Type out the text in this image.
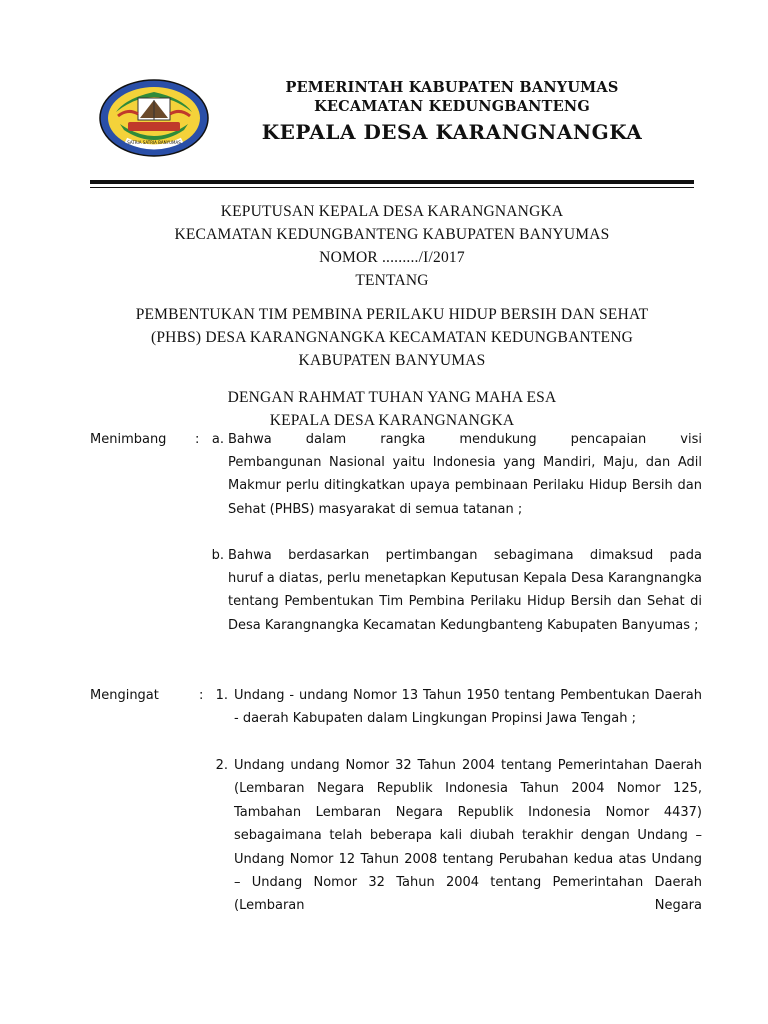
SATRIA SATRIA BANYUMAS
PEMERINTAH KABUPATEN BANYUMAS
KECAMATAN KEDUNGBANTENG
KEPALA DESA KARANGNANGKA
KEPUTUSAN KEPALA DESA KARANGNANGKA
KECAMATAN KEDUNGBANTENG KABUPATEN BANYUMAS
NOMOR ........./I/2017
TENTANG
PEMBENTUKAN TIM PEMBINA PERILAKU HIDUP BERSIH DAN SEHAT
(PHBS) DESA KARANGNANGKA KECAMATAN KEDUNGBANTENG
KABUPATEN BANYUMAS
DENGAN RAHMAT TUHAN YANG MAHA ESA
KEPALA DESA KARANGNANGKA
Menimbang : a. Bahwa dalam rangka mendukung pencapaian visi
Pembangunan Nasional yaitu Indonesia yang Mandiri, Maju, dan Adil Makmur perlu ditingkatkan upaya pembinaan Perilaku Hidup Bersih dan Sehat (PHBS) masyarakat di semua tatanan ;
b. Bahwa berdasarkan pertimbangan sebagimana dimaksud pada
huruf a diatas, perlu menetapkan Keputusan Kepala Desa Karangnangka tentang Pembentukan Tim Pembina Perilaku Hidup Bersih dan Sehat di Desa Karangnangka Kecamatan Kedungbanteng Kabupaten Banyumas ;
Mengingat	: 1. Undang - undang Nomor 13 Tahun 1950 tentang Pembentukan Daerah - daerah Kabupaten dalam Lingkungan Propinsi Jawa Tengah ;
2. Undang undang Nomor 32 Tahun 2004 tentang Pemerintahan Daerah (Lembaran Negara Republik Indonesia Tahun 2004 Nomor 125, Tambahan Lembaran Negara Republik Indonesia Nomor 4437) sebagaimana telah beberapa kali diubah terakhir dengan Undang – Undang Nomor 12 Tahun 2008 tentang Perubahan kedua atas Undang – Undang Nomor 32 Tahun 2004 tentang Pemerintahan Daerah (Lembaran Negara
